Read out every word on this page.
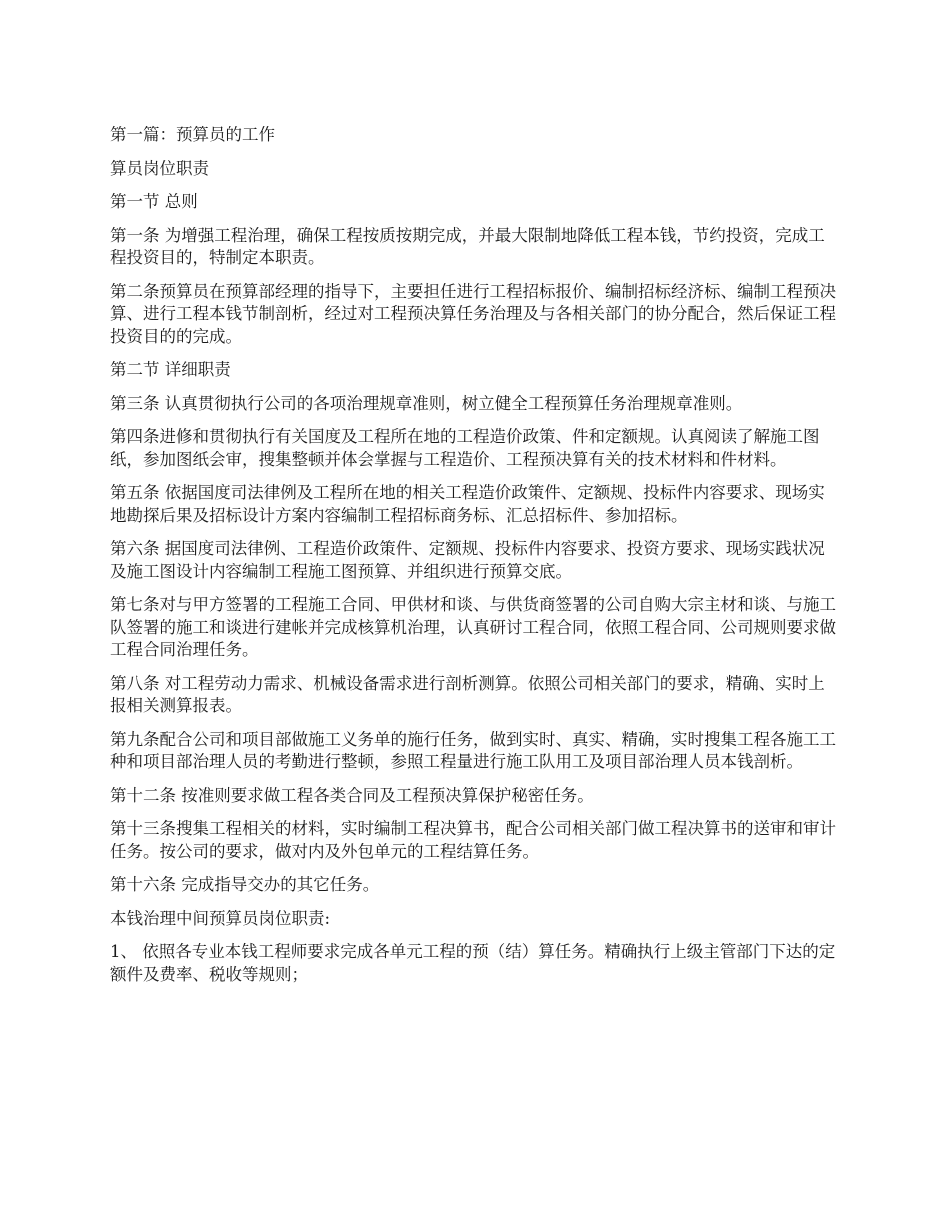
第一篇：预算员的工作

算员岗位职责

第一节 总则

第一条 为增强工程治理，确保工程按质按期完成，并最大限制地降低工程本钱，节约投资，完成工程投资目的，特制定本职责。

第二条预算员在预算部经理的指导下，主要担任进行工程招标报价、编制招标经济标、编制工程预决算、进行工程本钱节制剖析，经过对工程预决算任务治理及与各相关部门的协分配合，然后保证工程投资目的的完成。

第二节 详细职责

第三条 认真贯彻执行公司的各项治理规章准则，树立健全工程预算任务治理规章准则。

第四条进修和贯彻执行有关国度及工程所在地的工程造价政策、件和定额规。认真阅读了解施工图纸，参加图纸会审，搜集整顿并体会掌握与工程造价、工程预决算有关的技术材料和件材料。

第五条 依据国度司法律例及工程所在地的相关工程造价政策件、定额规、投标件内容要求、现场实地勘探后果及招标设计方案内容编制工程招标商务标、汇总招标件、参加招标。

第六条 据国度司法律例、工程造价政策件、定额规、投标件内容要求、投资方要求、现场实践状况及施工图设计内容编制工程施工图预算、并组织进行预算交底。

第七条对与甲方签署的工程施工合同、甲供材和谈、与供货商签署的公司自购大宗主材和谈、与施工队签署的施工和谈进行建帐并完成核算机治理，认真研讨工程合同，依照工程合同、公司规则要求做工程合同治理任务。

第八条 对工程劳动力需求、机械设备需求进行剖析测算。依照公司相关部门的要求，精确、实时上报相关测算报表。

第九条配合公司和项目部做施工义务单的施行任务，做到实时、真实、精确，实时搜集工程各施工工种和项目部治理人员的考勤进行整顿，参照工程量进行施工队用工及项目部治理人员本钱剖析。

第十二条 按准则要求做工程各类合同及工程预决算保护秘密任务。

第十三条搜集工程相关的材料，实时编制工程决算书，配合公司相关部门做工程决算书的送审和审计任务。按公司的要求，做对内及外包单元的工程结算任务。

第十六条 完成指导交办的其它任务。

本钱治理中间预算员岗位职责:

1、 依照各专业本钱工程师要求完成各单元工程的预（结）算任务。精确执行上级主管部门下达的定额件及费率、税收等规则；
